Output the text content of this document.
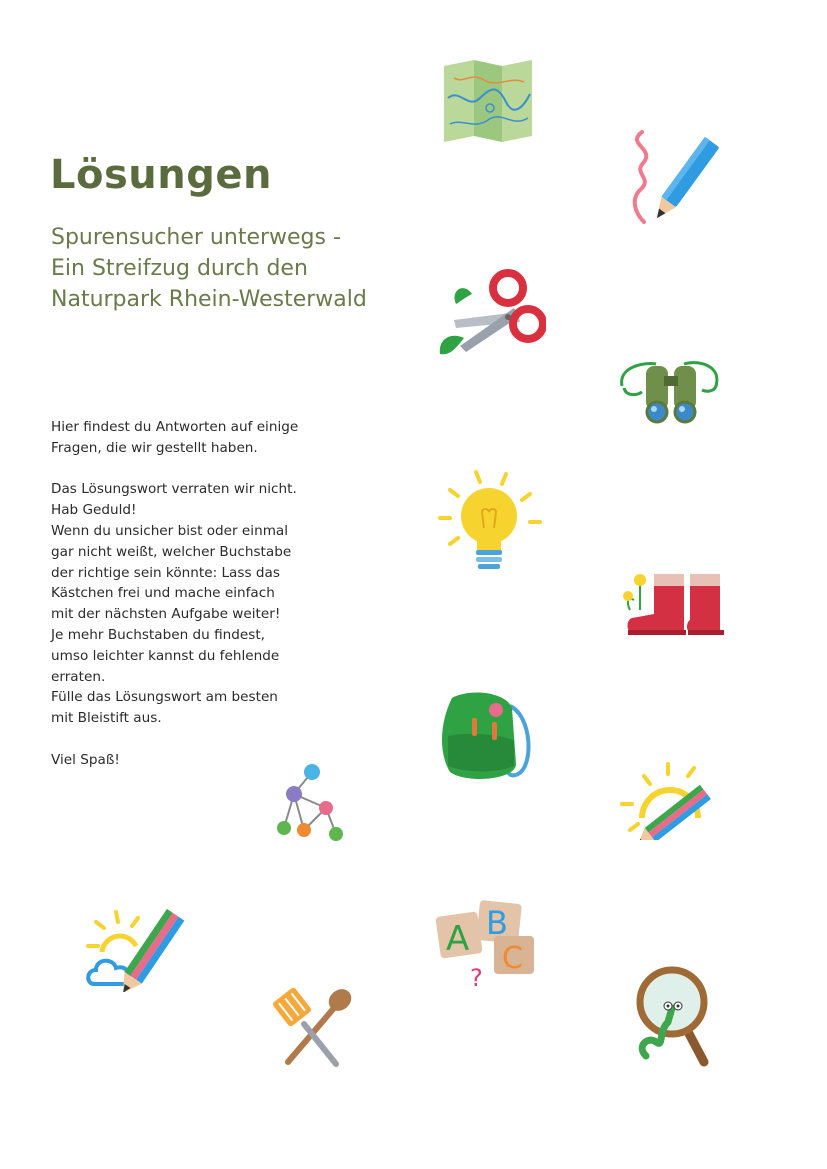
Lösungen
Spurensucher unterwegs -
Ein Streifzug durch den
Naturpark Rhein-Westerwald
Hier findest du Antworten auf einige
Fragen, die wir gestellt haben.
Das Lösungswort verraten wir nicht.
Hab Geduld!
Wenn du unsicher bist oder einmal
gar nicht weißt, welcher Buchstabe
der richtige sein könnte: Lass das
Kästchen frei und mache einfach
mit der nächsten Aufgabe weiter!
Je mehr Buchstaben du findest,
umso leichter kannst du fehlende
erraten.
Fülle das Lösungswort am besten
mit Bleistift aus.
Viel Spaß!
A B
C
?
